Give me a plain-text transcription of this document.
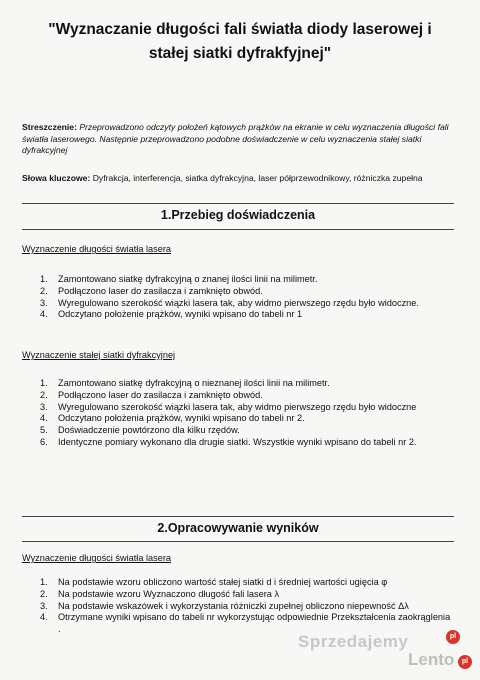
"Wyznaczanie długości fali światła diody laserowej i
stałej siatki dyfrakfyjnej"
Streszczenie: Przeprowadzono odczyty położeń kątowych prążków na ekranie w celu wyznaczenia długości fali światła laserowego. Następnie przeprowadzono podobne doświadczenie w celu wyznaczenia stałej siatki dyfrakcyjnej
Słowa kluczowe: Dyfrakcja, interferencja, siatka dyfrakcyjna, laser półprzewodnikowy, różniczka zupełna
1.Przebieg doświadczenia
Wyznaczenie długości światła lasera
1. Zamontowano siatkę dyfrakcyjną o znanej ilości linii na milimetr.
2. Podłączono laser do zasilacza i zamknięto obwód.
3. Wyregulowano szerokość wiązki lasera tak, aby widmo pierwszego rzędu było widoczne.
4. Odczytano położenie prążków, wyniki wpisano do tabeli nr 1
Wyznaczenie stałej siatki dyfrakcyjnej
1. Zamontowano siatkę dyfrakcyjną o nieznanej ilości linii na milimetr.
2. Podłączono laser do zasilacza i zamknięto obwód.
3. Wyregulowano szerokość wiązki lasera tak, aby widmo pierwszego rzędu było widoczne
4. Odczytano położenia prążków, wyniki wpisano do tabeli nr 2.
5. Doświadczenie powtórzono dla kilku rzędów.
6. Identyczne pomiary wykonano dla drugie siatki. Wszystkie wyniki wpisano do tabeli nr 2.
2.Opracowywanie wyników
Wyznaczenie długości światła lasera
1. Na podstawie wzoru obliczono wartość stałej siatki d i średniej wartości ugięcia φ
2. Na podstawie wzoru Wyznaczono długość fali lasera λ
3. Na podstawie wskazówek i wykorzystania różniczki zupełnej obliczono niepewność Δλ
4. Otrzymane wyniki wpisano do tabeli nr wykorzystując odpowiednie Przekształcenia zaokrąglenia .
Sprzedajemy	pl
Lento	pl
